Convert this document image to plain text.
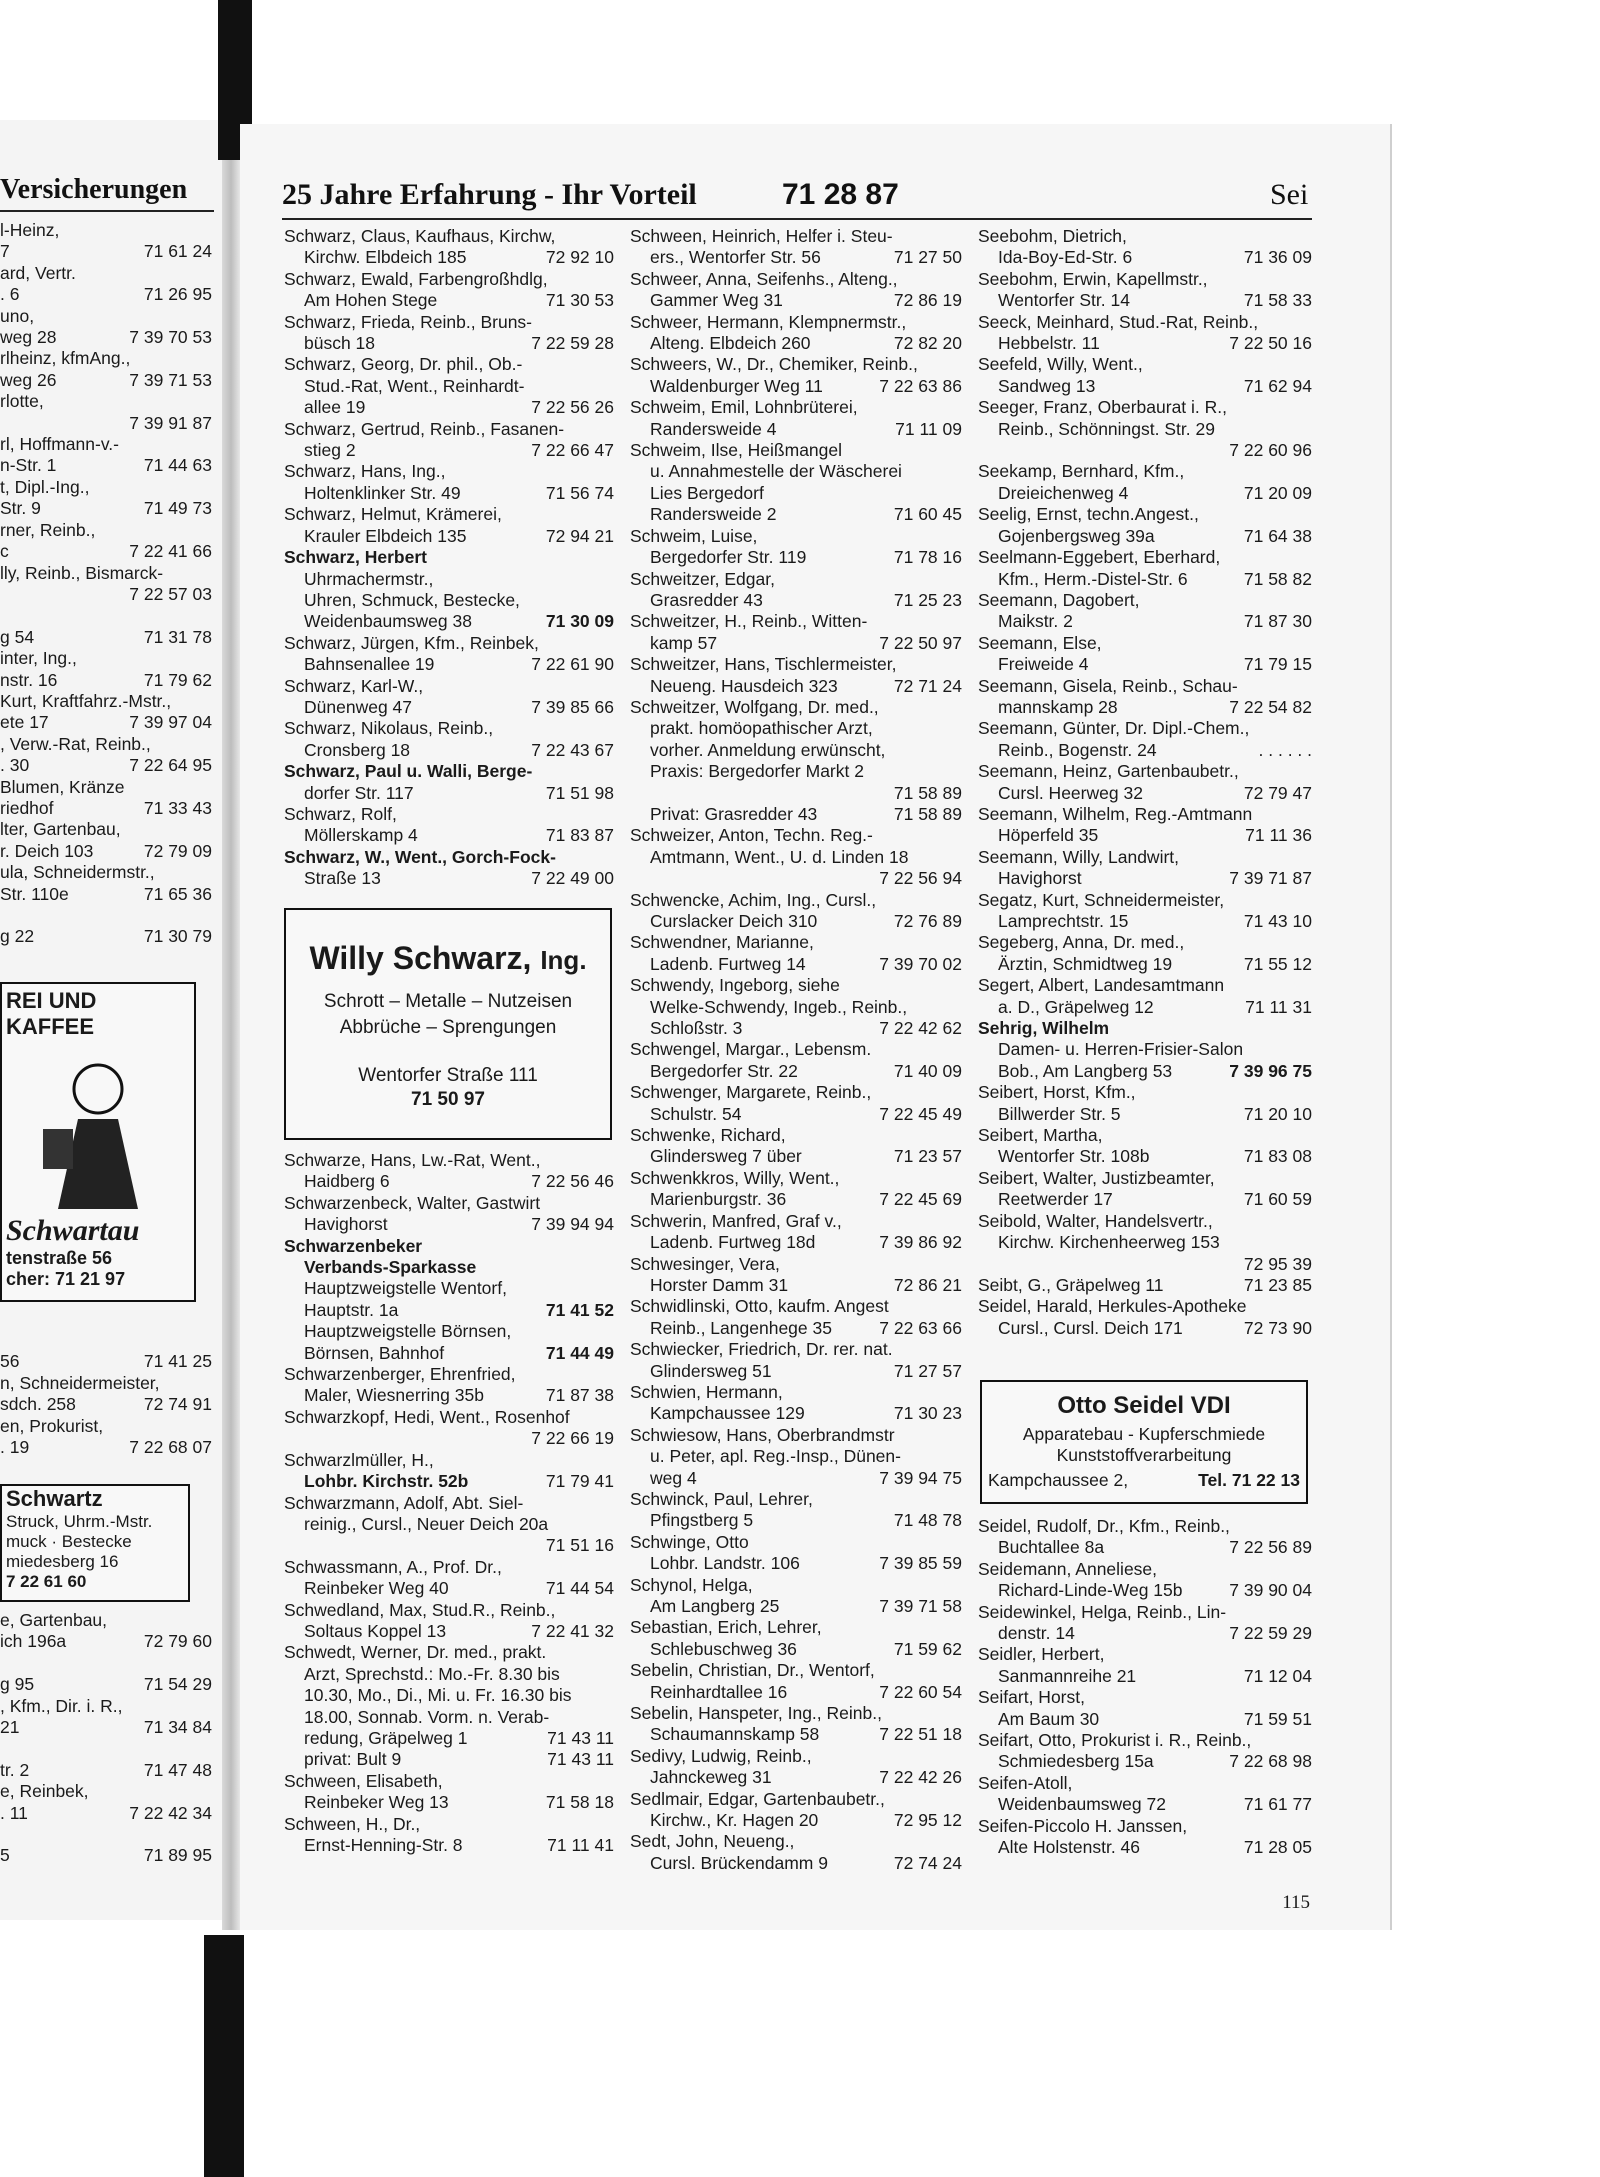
Versicherungen	25 Jahre Erfahrung - Ihr Vorteil	71 28 87	Sei
l-Heinz,
7	71 61 24
ard, Vertr.
. 6	71 26 95
uno,
weg 28	7 39 70 53
rlheinz, kfmAng.,
weg 26	7 39 71 53
rlotte,

7 39 91 87
rl, Hoffmann-v.-
n-Str. 1	71 44 63
t, Dipl.-Ing.,
Str. 9	71 49 73
rner, Reinb.,
c	7 22 41 66
lly, Reinb., Bismarck-

7 22 57 03

g 54	71 31 78
inter, Ing.,
nstr. 16	71 79 62
Kurt, Kraftfahrz.-Mstr.,
ete 17	7 39 97 04
, Verw.-Rat, Reinb.,
. 30	7 22 64 95
Blumen, Kränze
riedhof	71 33 43
lter, Gartenbau,
r. Deich 103	72 79 09
ula, Schneidermstr.,
Str. 110e	71 65 36

g 22	71 30 79
REI UND KAFFEE
Schwartau
tenstraße 56
cher: 71 21 97

56	71 41 25
n, Schneidermeister,
sdch. 258	72 74 91
en, Prokurist,
. 19	7 22 68 07
Schwartz
Struck, Uhrm.-Mstr.
muck · Bestecke
miedesberg 16
7 22 61 60
e, Gartenbau,
ich 196a	72 79 60

g 95	71 54 29
, Kfm., Dir. i. R.,
21	71 34 84

tr. 2	71 47 48
e, Reinbek,
. 11	7 22 42 34

5	71 89 95
Schwarz, Claus, Kaufhaus, Kirchw,
Kirchw. Elbdeich 185	72 92 10
Schwarz, Ewald, Farbengroßhdlg,
Am Hohen Stege	71 30 53
Schwarz, Frieda, Reinb., Bruns-
büsch 18	7 22 59 28
Schwarz, Georg, Dr. phil., Ob.-
Stud.-Rat, Went., Reinhardt-
allee 19	7 22 56 26
Schwarz, Gertrud, Reinb., Fasanen-
stieg 2	7 22 66 47
Schwarz, Hans, Ing.,
Holtenklinker Str. 49	71 56 74
Schwarz, Helmut, Krämerei,
Krauler Elbdeich 135	72 94 21
Schwarz, Herbert
Uhrmachermstr.,
Uhren, Schmuck, Bestecke,
Weidenbaumsweg 38	71 30 09
Schwarz, Jürgen, Kfm., Reinbek,
Bahnsenallee 19	7 22 61 90
Schwarz, Karl-W.,
Dünenweg 47	7 39 85 66
Schwarz, Nikolaus, Reinb.,
Cronsberg 18	7 22 43 67
Schwarz, Paul u. Walli, Berge-
dorfer Str. 117	71 51 98
Schwarz, Rolf,
Möllerskamp 4	71 83 87
Schwarz, W., Went., Gorch-Fock-
Straße 13	7 22 49 00
Willy Schwarz, Ing.
Schrott – Metalle – Nutzeisen
Abbrüche – Sprengungen
Wentorfer Straße 111
71 50 97
Schwarze, Hans, Lw.-Rat, Went.,
Haidberg 6	7 22 56 46
Schwarzenbeck, Walter, Gastwirt
Havighorst	7 39 94 94
Schwarzenbeker
Verbands-Sparkasse
Hauptzweigstelle Wentorf,
Hauptstr. 1a	71 41 52
Hauptzweigstelle Börnsen,
Börnsen, Bahnhof	71 44 49
Schwarzenberger, Ehrenfried,
Maler, Wiesnerring 35b	71 87 38
Schwarzkopf, Hedi, Went., Rosenhof
7 22 66 19
Schwarzlmüller, H.,
Lohbr. Kirchstr. 52b	71 79 41
Schwarzmann, Adolf, Abt. Siel-
reinig., Cursl., Neuer Deich 20a
71 51 16
Schwassmann, A., Prof. Dr.,
Reinbeker Weg 40	71 44 54
Schwedland, Max, Stud.R., Reinb.,
Soltaus Koppel 13	7 22 41 32
Schwedt, Werner, Dr. med., prakt.
Arzt, Sprechstd.: Mo.-Fr. 8.30 bis
10.30, Mo., Di., Mi. u. Fr. 16.30 bis
18.00, Sonnab. Vorm. n. Verab-
redung, Gräpelweg 1	71 43 11
privat: Bult 9	71 43 11
Schween, Elisabeth,
Reinbeker Weg 13	71 58 18
Schween, H., Dr.,
Ernst-Henning-Str. 8	71 11 41
Schween, Heinrich, Helfer i. Steu-
ers., Wentorfer Str. 56	71 27 50
Schweer, Anna, Seifenhs., Alteng.,
Gammer Weg 31	72 86 19
Schweer, Hermann, Klempnermstr.,
Alteng. Elbdeich 260	72 82 20
Schweers, W., Dr., Chemiker, Reinb.,
Waldenburger Weg 11	7 22 63 86
Schweim, Emil, Lohnbrüterei,
Randersweide 4	71 11 09
Schweim, Ilse, Heißmangel
u. Annahmestelle der Wäscherei
Lies Bergedorf
Randersweide 2	71 60 45
Schweim, Luise,
Bergedorfer Str. 119	71 78 16
Schweitzer, Edgar,
Grasredder 43	71 25 23
Schweitzer, H., Reinb., Witten-
kamp 57	7 22 50 97
Schweitzer, Hans, Tischlermeister,
Neueng. Hausdeich 323	72 71 24
Schweitzer, Wolfgang, Dr. med.,
prakt. homöopathischer Arzt,
vorher. Anmeldung erwünscht,
Praxis: Bergedorfer Markt 2
71 58 89
Privat: Grasredder 43	71 58 89
Schweizer, Anton, Techn. Reg.-
Amtmann, Went., U. d. Linden 18
7 22 56 94
Schwencke, Achim, Ing., Cursl.,
Curslacker Deich 310	72 76 89
Schwendner, Marianne,
Ladenb. Furtweg 14	7 39 70 02
Schwendy, Ingeborg, siehe
Welke-Schwendy, Ingeb., Reinb.,
Schloßstr. 3	7 22 42 62
Schwengel, Margar., Lebensm.
Bergedorfer Str. 22	71 40 09
Schwenger, Margarete, Reinb.,
Schulstr. 54	7 22 45 49
Schwenke, Richard,
Glindersweg 7 über	71 23 57
Schwenkkros, Willy, Went.,
Marienburgstr. 36	7 22 45 69
Schwerin, Manfred, Graf v.,
Ladenb. Furtweg 18d	7 39 86 92
Schwesinger, Vera,
Horster Damm 31	72 86 21
Schwidlinski, Otto, kaufm. Angest
Reinb., Langenhege 35	7 22 63 66
Schwiecker, Friedrich, Dr. rer. nat.
Glindersweg 51	71 27 57
Schwien, Hermann,
Kampchaussee 129	71 30 23
Schwiesow, Hans, Oberbrandmstr
u. Peter, apl. Reg.-Insp., Dünen-
weg 4	7 39 94 75
Schwinck, Paul, Lehrer,
Pfingstberg 5	71 48 78
Schwinge, Otto
Lohbr. Landstr. 106	7 39 85 59
Schynol, Helga,
Am Langberg 25	7 39 71 58
Sebastian, Erich, Lehrer,
Schlebuschweg 36	71 59 62
Sebelin, Christian, Dr., Wentorf,
Reinhardtallee 16	7 22 60 54
Sebelin, Hanspeter, Ing., Reinb.,
Schaumannskamp 58	7 22 51 18
Sedivy, Ludwig, Reinb.,
Jahnckeweg 31	7 22 42 26
Sedlmair, Edgar, Gartenbaubetr.,
Kirchw., Kr. Hagen 20	72 95 12
Sedt, John, Neueng.,
Cursl. Brückendamm 9	72 74 24
Seebohm, Dietrich,
Ida-Boy-Ed-Str. 6	71 36 09
Seebohm, Erwin, Kapellmstr.,
Wentorfer Str. 14	71 58 33
Seeck, Meinhard, Stud.-Rat, Reinb.,
Hebbelstr. 11	7 22 50 16
Seefeld, Willy, Went.,
Sandweg 13	71 62 94
Seeger, Franz, Oberbaurat i. R.,
Reinb., Schönningst. Str. 29
7 22 60 96
Seekamp, Bernhard, Kfm.,
Dreieichenweg 4	71 20 09
Seelig, Ernst, techn.Angest.,
Gojenbergsweg 39a	71 64 38
Seelmann-Eggebert, Eberhard,
Kfm., Herm.-Distel-Str. 6	71 58 82
Seemann, Dagobert,
Maikstr. 2	71 87 30
Seemann, Else,
Freiweide 4	71 79 15
Seemann, Gisela, Reinb., Schau-
mannskamp 28	7 22 54 82
Seemann, Günter, Dr. Dipl.-Chem.,
Reinb., Bogenstr. 24	. . . . . .
Seemann, Heinz, Gartenbaubetr.,
Cursl. Heerweg 32	72 79 47
Seemann, Wilhelm, Reg.-Amtmann
Höperfeld 35	71 11 36
Seemann, Willy, Landwirt,
Havighorst	7 39 71 87
Segatz, Kurt, Schneidermeister,
Lamprechtstr. 15	71 43 10
Segeberg, Anna, Dr. med.,
Ärztin, Schmidtweg 19	71 55 12
Segert, Albert, Landesamtmann
a. D., Gräpelweg 12	71 11 31
Sehrig, Wilhelm
Damen- u. Herren-Frisier-Salon
Bob., Am Langberg 53	7 39 96 75
Seibert, Horst, Kfm.,
Billwerder Str. 5	71 20 10
Seibert, Martha,
Wentorfer Str. 108b	71 83 08
Seibert, Walter, Justizbeamter,
Reetwerder 17	71 60 59
Seibold, Walter, Handelsvertr.,
Kirchw. Kirchenheerweg 153
72 95 39
Seibt, G., Gräpelweg 11	71 23 85
Seidel, Harald, Herkules-Apotheke
Cursl., Cursl. Deich 171	72 73 90
Otto Seidel VDI
Apparatebau - Kupferschmiede
Kunststoffverarbeitung
Kampchaussee 2,	Tel. 71 22 13
Seidel, Rudolf, Dr., Kfm., Reinb.,
Buchtallee 8a	7 22 56 89
Seidemann, Anneliese,
Richard-Linde-Weg 15b	7 39 90 04
Seidewinkel, Helga, Reinb., Lin-
denstr. 14	7 22 59 29
Seidler, Herbert,
Sanmannreihe 21	71 12 04
Seifart, Horst,
Am Baum 30	71 59 51
Seifart, Otto, Prokurist i. R., Reinb.,
Schmiedesberg 15a	7 22 68 98
Seifen-Atoll,
Weidenbaumsweg 72	71 61 77
Seifen-Piccolo H. Janssen,
Alte Holstenstr. 46	71 28 05
115
